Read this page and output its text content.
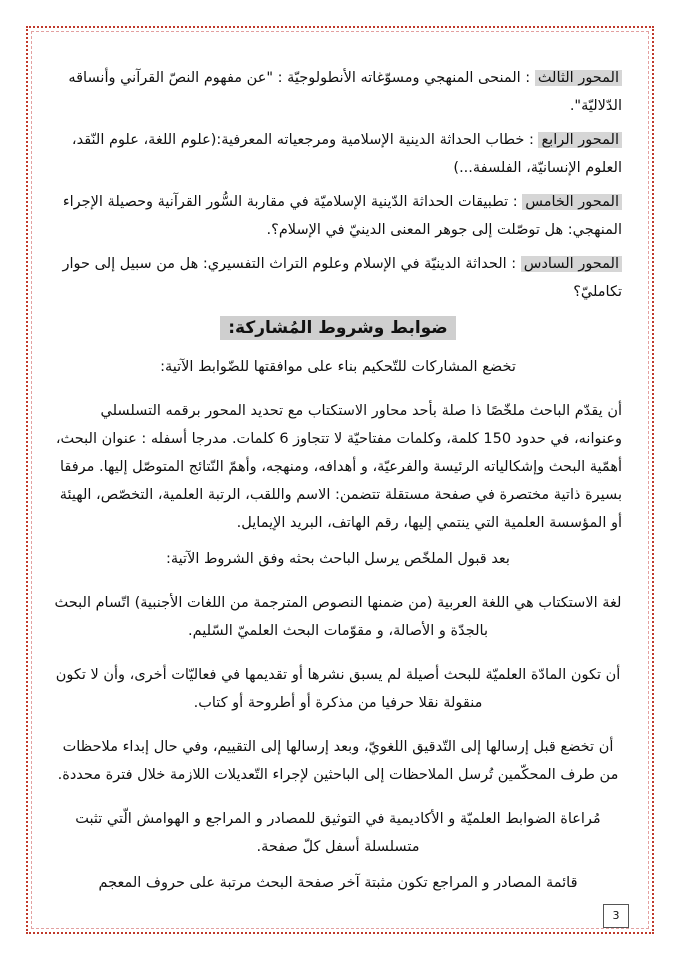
المحور الثالث : المنحى المنهجي ومسوّغاته الأنطولوجيّة : "عن مفهوم النصّ القرآني وأنساقه الدّلاليّة".

المحور الرابع : خطاب الحداثة الدينية الإسلامية ومرجعياته المعرفية:(علوم اللغة، علوم النّقد، العلوم الإنسانيّة، الفلسفة...)

المحور الخامس : تطبيقات الحداثة الدّينية الإسلاميّة في مقاربة السُّور القرآنية وحصيلة الإجراء المنهجي: هل توصّلت إلى جوهر المعنى الدينيّ في الإسلام؟.

المحور السادس : الحداثة الدينيّة في الإسلام وعلوم التراث التفسيري: هل من سبيل إلى حوار تكامليّ؟

ضوابط وشروط المُشاركة:

تخضع المشاركات للتّحكيم بناء على موافقتها للضّوابط الآتية:

أن يقدّم الباحث ملخّصًا ذا صلة بأحد محاور الاستكتاب مع تحديد المحور برقمه التسلسلي وعنوانه، في حدود 150 كلمة، وكلمات مفتاحيّة لا تتجاوز 6 كلمات. مدرجا أسفله : عنوان البحث، أهمّية البحث وإشكالياته الرئيسة والفرعيّة، و أهدافه، ومنهجه، وأهمّ النّتائج المتوصّل إليها. مرفقا بسيرة ذاتية مختصرة في صفحة مستقلة تتضمن: الاسم واللقب، الرتبة العلمية، التخصّص، الهيئة أو المؤسسة العلمية التي ينتمي إليها، رقم الهاتف، البريد الإيمايل.

بعد قبول الملخّص يرسل الباحث بحثه وفق الشروط الآتية:

لغة الاستكتاب هي اللغة العربية (من ضمنها النصوص المترجمة من اللغات الأجنبية) اتّسام البحث بالجدّة و الأصالة، و مقوّمات البحث العلميّ السّليم.

أن تكون المادّة العلميّة للبحث أصيلة لم يسبق نشرها أو تقديمها في فعاليّات أخرى، وأن لا تكون منقولة نقلا حرفيا من مذكرة أو أطروحة أو كتاب.

أن تخضع قبل إرسالها إلى التّدقيق اللغويّ، وبعد إرسالها إلى التقييم، وفي حال إبداء ملاحظات من طرف المحكّمين تُرسل الملاحظات إلى الباحثين لإجراء التّعديلات اللازمة خلال فترة محددة.

مُراعاة الضوابط العلميّة و الأكاديمية في التوثيق للمصادر و المراجع و الهوامش الّتي تثبت متسلسلة أسفل كلّ صفحة.

قائمة المصادر و المراجع تكون مثبتة آخر صفحة البحث مرتبة على حروف المعجم

3
